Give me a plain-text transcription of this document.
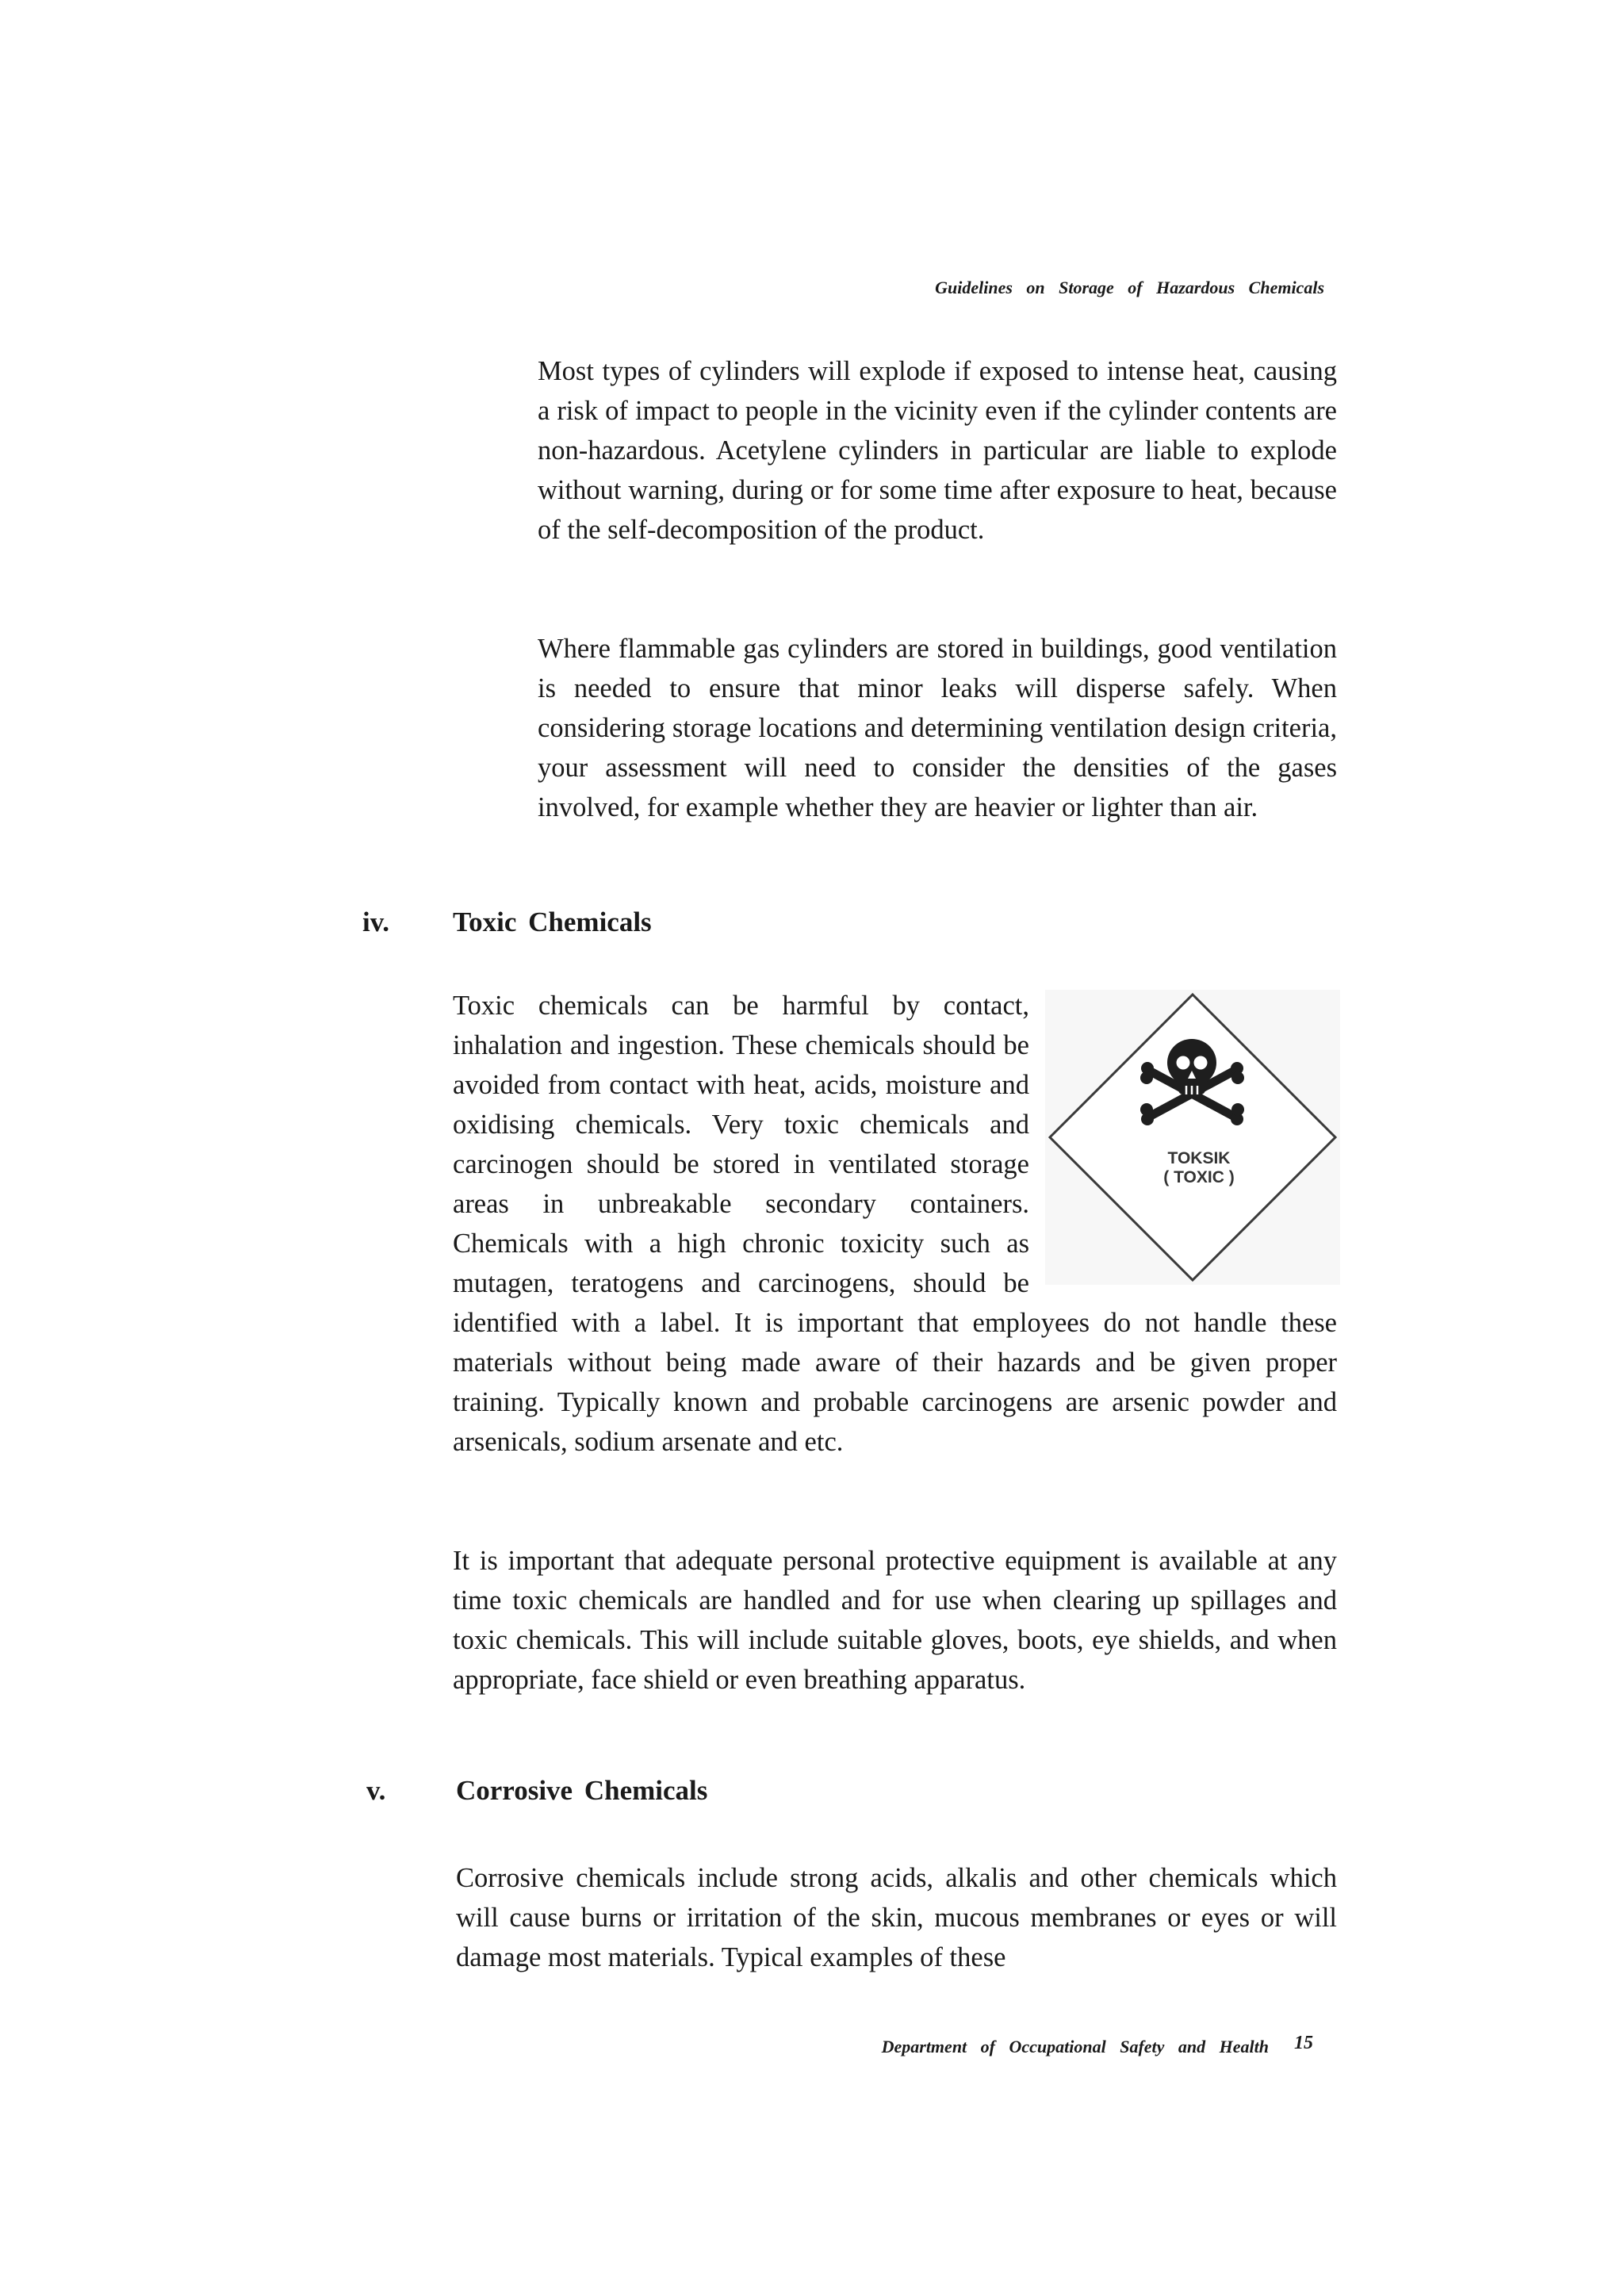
Guidelines on Storage of Hazardous Chemicals

Most types of cylinders will explode if exposed to intense heat, causing a risk of impact to people in the vicinity even if the cylinder contents are non-hazardous. Acetylene cylinders in particular are liable to explode without warning, during or for some time after exposure to heat, because of the self-decomposition of the product.

Where flammable gas cylinders are stored in buildings, good ventilation is needed to ensure that minor leaks will disperse safely. When considering storage locations and determining ventilation design criteria, your assessment will need to consider the densities of the gases involved, for example whether they are heavier or lighter than air.

iv. Toxic Chemicals
TOKSIK
( TOXIC )
Toxic chemicals can be harmful by contact, inhalation and ingestion. These chemicals should be avoided from contact with heat, acids, moisture and oxidising chemicals. Very toxic chemicals and carcinogen should be stored in ventilated storage areas in unbreakable secondary containers. Chemicals with a high chronic toxicity such as mutagen, teratogens and carcinogens, should be identified with a label. It is important that employees do not handle these materials without being made aware of their hazards and be given proper training. Typically known and probable carcinogens are arsenic powder and arsenicals, sodium arsenate and etc.

It is important that adequate personal protective equipment is available at any time toxic chemicals are handled and for use when clearing up spillages and toxic chemicals. This will include suitable gloves, boots, eye shields, and when appropriate, face shield or even breathing apparatus.

v.	Corrosive Chemicals

Corrosive chemicals include strong acids, alkalis and other chemicals which will cause burns or irritation of the skin, mucous membranes or eyes or will damage most materials. Typical examples of these

Department of Occupational Safety and Health 15
